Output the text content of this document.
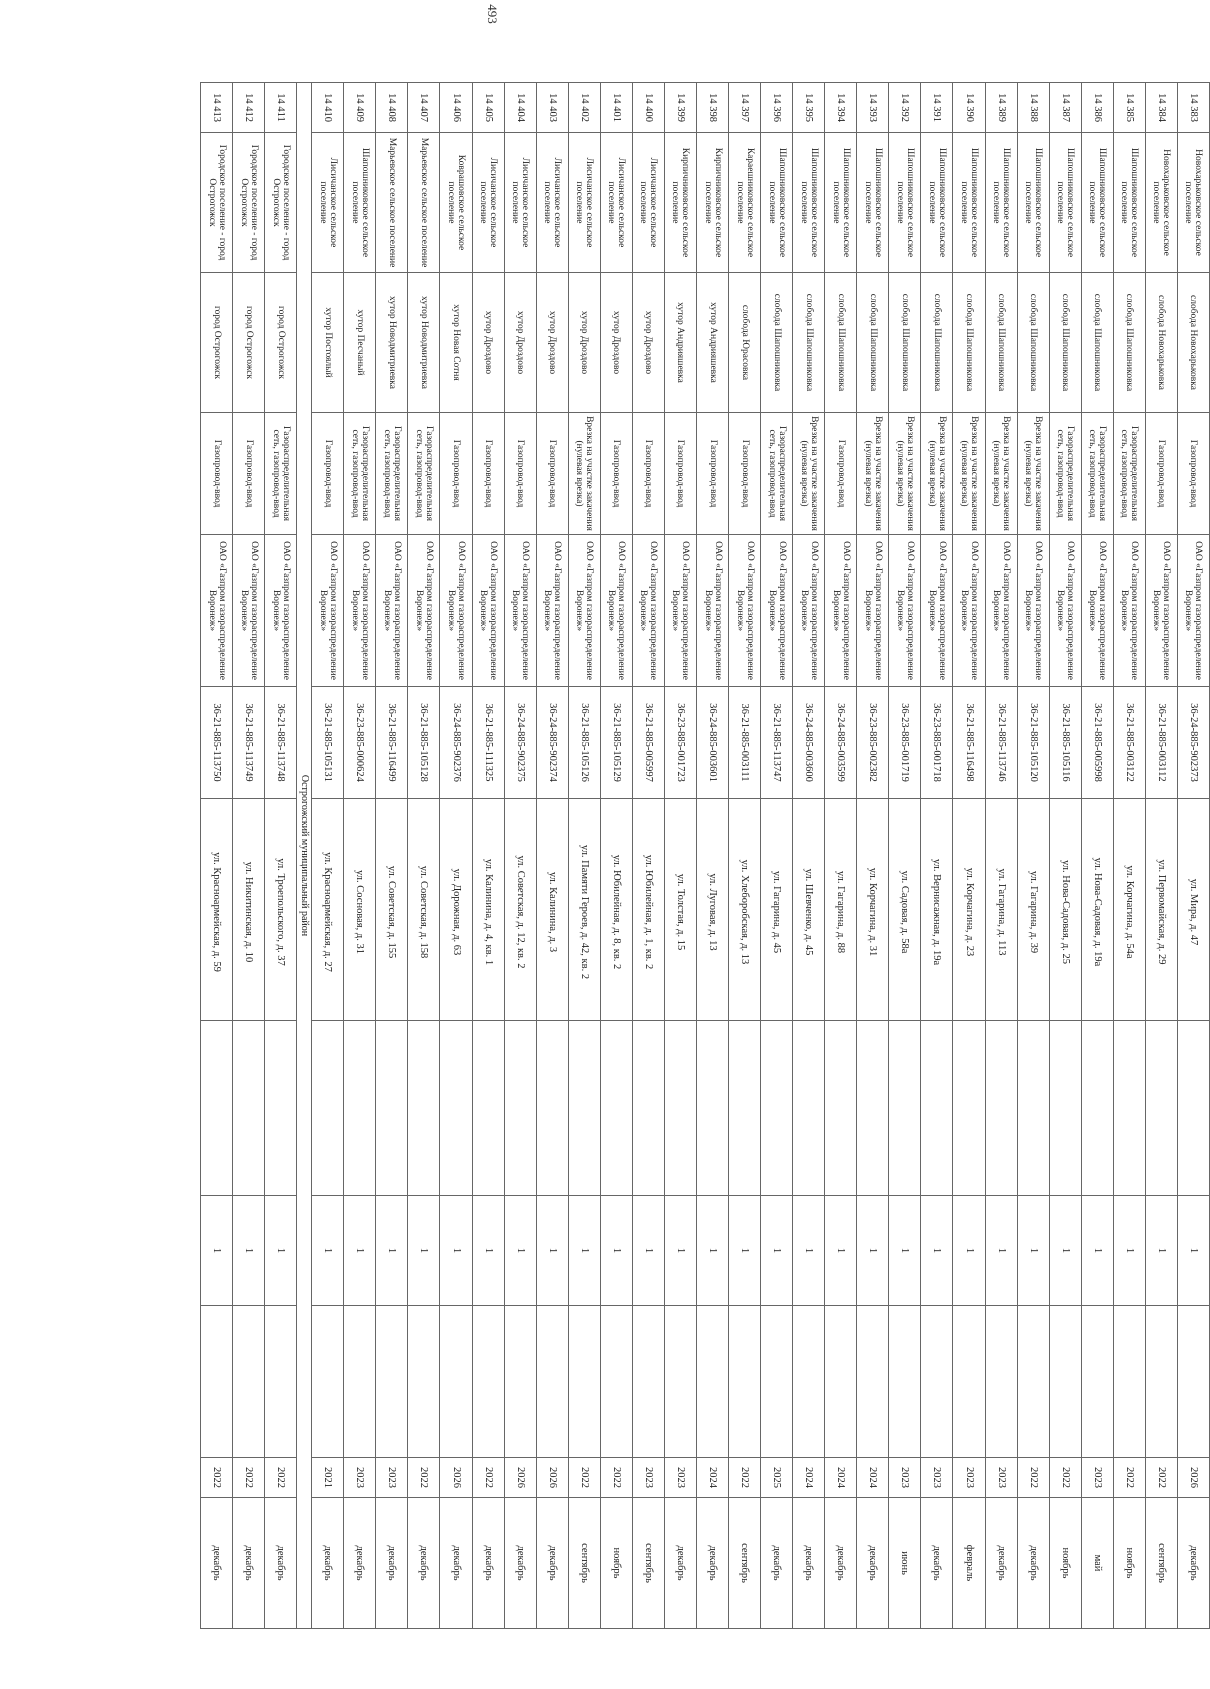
493
14 383	Новохарьковское сельское поселение	слобода Новохарьковка	Газопровод-ввод	ОАО «Газпром газораспределение Воронеж»	36-24-885-902373	ул. Мира, д. 47		1		2026	декабрь
14 384	Новохарьковское сельское поселение	слобода Новохарьковка	Газопровод-ввод	ОАО «Газпром газораспределение Воронеж»	36-21-885-003112	ул. Первомайская, д. 29		1		2022	сентябрь
14 385	Шапошниковское сельское поселение	слобода Шапошниковка	Газораспределительная сеть, газопровод-ввод	ОАО «Газпром газораспределение Воронеж»	36-21-885-003122	ул. Корчагина, д. 54а		1		2022	ноябрь
14 386	Шапошниковское сельское поселение	слобода Шапошниковка	Газораспределительная сеть, газопровод-ввод	ОАО «Газпром газораспределение Воронеж»	36-21-885-005998	ул. Нова-Садовая, д. 19а		1		2023	май
14 387	Шапошниковское сельское поселение	слобода Шапошниковка	Газораспределительная сеть, газопровод-ввод	ОАО «Газпром газораспределение Воронеж»	36-21-885-105116	ул. Нова-Садовая, д. 25		1		2022	ноябрь
14 388	Шапошниковское сельское поселение	слобода Шапошниковка	Врезка на участке закачения (нулевая врезка)	ОАО «Газпром газораспределение Воронеж»	36-21-885-105120	ул. Гагарина, д. 39		1		2022	декабрь
14 389	Шапошниковское сельское поселение	слобода Шапошниковка	Врезка на участке закачения (нулевая врезка)	ОАО «Газпром газораспределение Воронеж»	36-21-885-113746	ул. Гагарина, д. 113		1		2023	декабрь
14 390	Шапошниковское сельское поселение	слобода Шапошниковка	Врезка на участке закачения (нулевая врезка)	ОАО «Газпром газораспределение Воронеж»	36-21-885-116498	ул. Корчагина, д. 23		1		2023	февраль
14 391	Шапошниковское сельское поселение	слобода Шапошниковка	Врезка на участке закачения (нулевая врезка)	ОАО «Газпром газораспределение Воронеж»	36-23-885-001718	ул. Вернисажная, д. 19а		1		2023	декабрь
14 392	Шапошниковское сельское поселение	слобода Шапошниковка	Врезка на участке закачения (нулевая врезка)	ОАО «Газпром газораспределение Воронеж»	36-23-885-001719	ул. Садовая, д. 58а		1		2023	июнь
14 393	Шапошниковское сельское поселение	слобода Шапошниковка	Врезка на участке закачения (нулевая врезка)	ОАО «Газпром газораспределение Воронеж»	36-23-885-002382	ул. Корчагина, д. 31		1		2024	декабрь
14 394	Шапошниковское сельское поселение	слобода Шапошниковка	Газопровод-ввод	ОАО «Газпром газораспределение Воронеж»	36-24-885-003599	ул. Гагарина, д. 88		1		2024	декабрь
14 395	Шапошниковское сельское поселение	слобода Шапошниковка	Врезка на участке закачения (нулевая врезка)	ОАО «Газпром газораспределение Воронеж»	36-24-885-003600	ул. Шевченко, д. 45		1		2024	декабрь
14 396	Шапошниковское сельское поселение	слобода Шапошниковка	Газораспределительная сеть, газопровод-ввод	ОАО «Газпром газораспределение Воронеж»	36-21-885-113747	ул. Гагарина, д. 45		1		2025	декабрь
14 397	Караешниковское сельское поселение	слобода Юрасовка	Газопровод-ввод	ОАО «Газпром газораспределение Воронеж»	36-21-885-003111	ул. Хлеборобская, д. 13		1		2022	сентябрь
14 398	Кирпичниковское сельское поселение	хутор Андрияшевка	Газопровод-ввод	ОАО «Газпром газораспределение Воронеж»	36-24-885-003601	ул. Луговая, д. 13		1		2024	декабрь
14 399	Кирпичниковское сельское поселение	хутор Андрияшевка	Газопровод-ввод	ОАО «Газпром газораспределение Воронеж»	36-23-885-001723	ул. Толстая, д. 15		1		2023	декабрь
14 400	Лисичанское сельское поселение	хутор Дроздово	Газопровод-ввод	ОАО «Газпром газораспределение Воронеж»	36-21-885-005997	ул. Юбилейная, д. 1, кв. 2		1		2023	сентябрь
14 401	Лисичанское сельское поселение	хутор Дроздово	Газопровод-ввод	ОАО «Газпром газораспределение Воронеж»	36-21-885-105129	ул. Юбилейная, д. 8, кв. 2		1		2022	ноябрь
14 402	Лисичанское сельское поселение	хутор Дроздово	Врезка на участке закачения (нулевая врезка)	ОАО «Газпром газораспределение Воронеж»	36-21-885-105126	ул. Памяти Героев, д. 42, кв. 2		1		2022	сентябрь
14 403	Лисичанское сельское поселение	хутор Дроздово	Газопровод-ввод	ОАО «Газпром газораспределение Воронеж»	36-24-885-902374	ул. Калинина, д. 3		1		2026	декабрь
14 404	Лисичанское сельское поселение	хутор Дроздово	Газопровод-ввод	ОАО «Газпром газораспределение Воронеж»	36-24-885-902375	ул. Советская, д. 12, кв. 2		1		2026	декабрь
14 405	Лисичанское сельское поселение	хутор Дроздово	Газопровод-ввод	ОАО «Газпром газораспределение Воронеж»	36-21-885-111325	ул. Калинина, д. 4, кв. 1		1		2022	декабрь
14 406	Коврашовское сельское поселение	хутор Новая Сотня	Газопровод-ввод	ОАО «Газпром газораспределение Воронеж»	36-24-885-902376	ул. Дорожная, д. 63		1		2026	декабрь
14 407	Марьевское сельское поселение	хутор Новодмитриевка	Газораспределительная сеть, газопровод-ввод	ОАО «Газпром газораспределение Воронеж»	36-21-885-105128	ул. Советская, д. 158		1		2022	декабрь
14 408	Марьевское сельское поселение	хутор Новодмитриевка	Газораспределительная сеть, газопровод-ввод	ОАО «Газпром газораспределение Воронеж»	36-21-885-116499	ул. Советская, д. 155		1		2023	декабрь
14 409	Шапошниковское сельское поселение	хутор Песчаный	Газораспределительная сеть, газопровод-ввод	ОАО «Газпром газораспределение Воронеж»	36-23-885-000624	ул. Сосновая, д. 31		1		2023	декабрь
14 410	Лисичанское сельское поселение	хутор Постоялый	Газопровод-ввод	ОАО «Газпром газораспределение Воронеж»	36-21-885-105131	ул. Красноармейская, д. 27		1		2021	декабрь
Острогожский муниципальный район											
14 411	Городское поселение - город Острогожск	город Острогожск	Газораспределительная сеть, газопровод-ввод	ОАО «Газпром газораспределение Воронеж»	36-21-885-113748	ул. Троепольского, д. 37		1		2022	декабрь
14 412	Городское поселение - город Острогожск	город Острогожск	Газопровод-ввод	ОАО «Газпром газораспределение Воронеж»	36-21-885-113749	ул. Никитинская, д. 10		1		2022	декабрь
14 413	Городское поселение - город Острогожск	город Острогожск	Газопровод-ввод	ОАО «Газпром газораспределение Воронеж»	36-21-885-113750	ул. Красноармейская, д. 59		1		2022	декабрь
